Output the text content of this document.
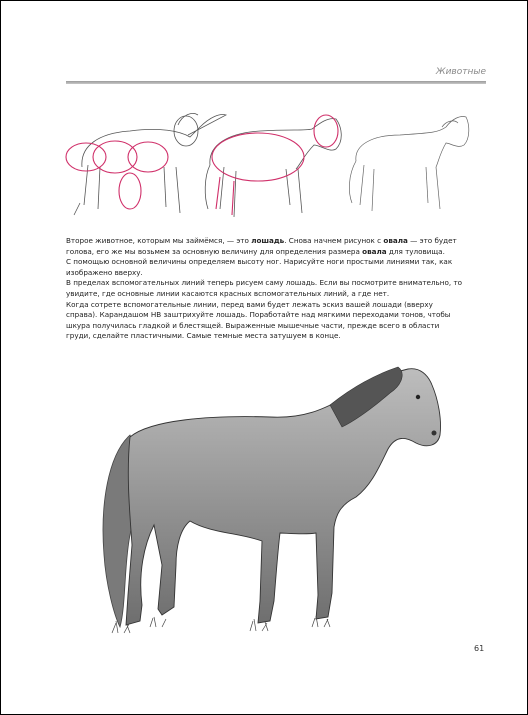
Животные

Второе животное, которым мы займёмся, — это лошадь. Снова начнем рисунок с овала — это будет голова, его же мы возьмем за основную величину для определения размера овала для туловища.

С помощью основной величины определяем высоту ног. Нарисуйте ноги простыми линиями так, как изображено вверху.

В пределах вспомогательных линий теперь рисуем саму лошадь. Если вы посмотрите внимательно, то увидите, где основные линии касаются красных вспомогательных линий, а где нет.

Когда сотрете вспомогательные линии, перед вами будет лежать эскиз вашей лошади (вверху справа). Карандашом НВ заштрихуйте лошадь. Поработайте над мягкими переходами тонов, чтобы шкура получилась гладкой и блестящей. Выраженные мышечные части, прежде всего в области груди, сделайте пластичными. Самые темные места затушуем в конце.

61
